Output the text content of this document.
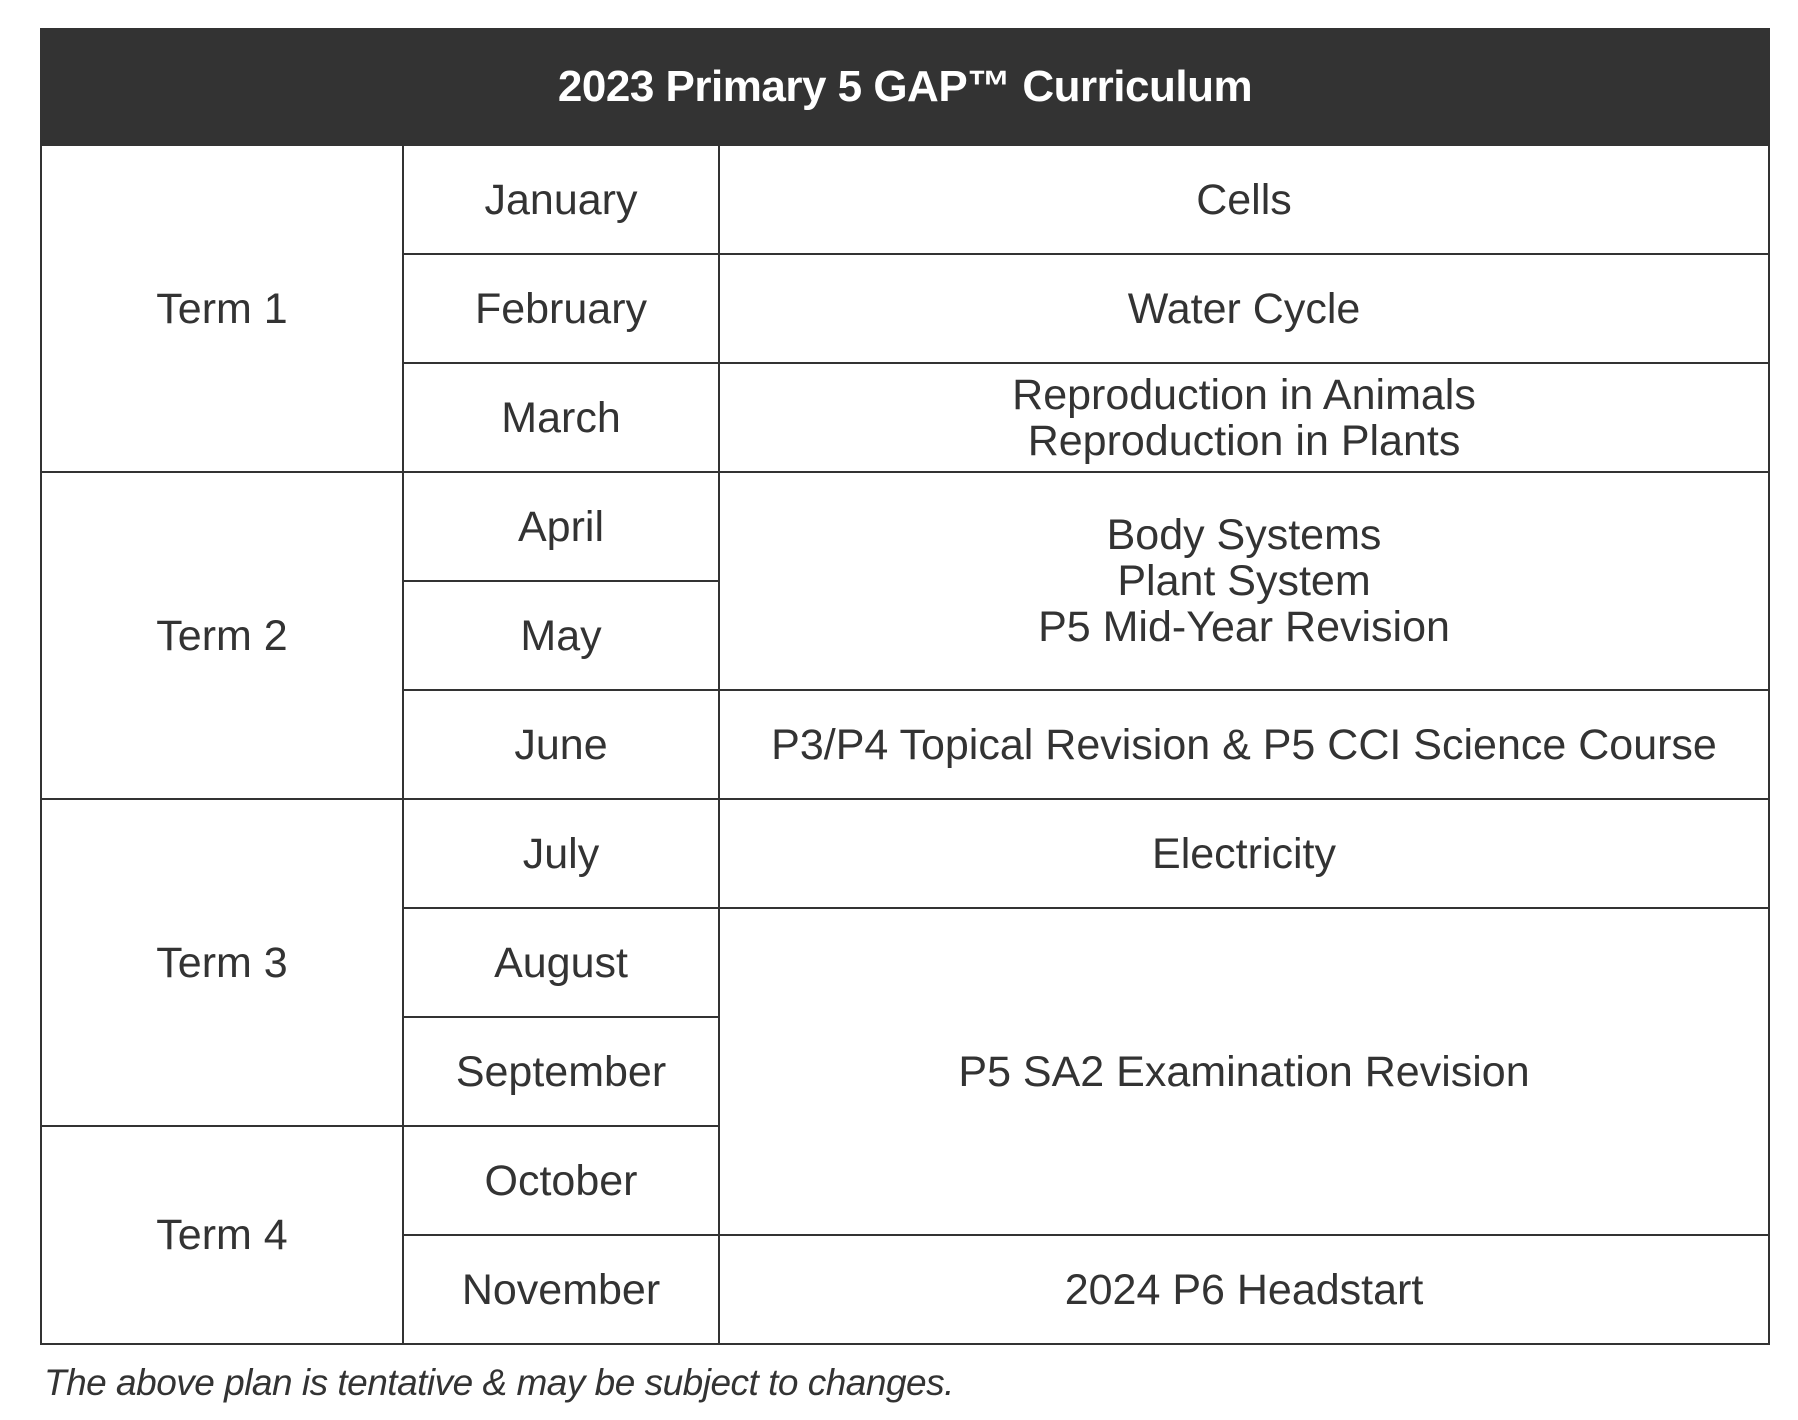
2023 Primary 5 GAP™ Curriculum		
Term 1	January	Cells

	February	Water Cycle

	March	Reproduction in Animals
Reproduction in Plants

Term 2	April	Body Systems
Plant System
P5 Mid-Year Revision

	May	
	June	P3/P4 Topical Revision & P5 CCI Science Course

Term 3	July	Electricity

	August	P5 SA2 Examination Revision

	September	
Term 4	October	
	November	2024 P6 Headstart
The above plan is tentative & may be subject to changes.
